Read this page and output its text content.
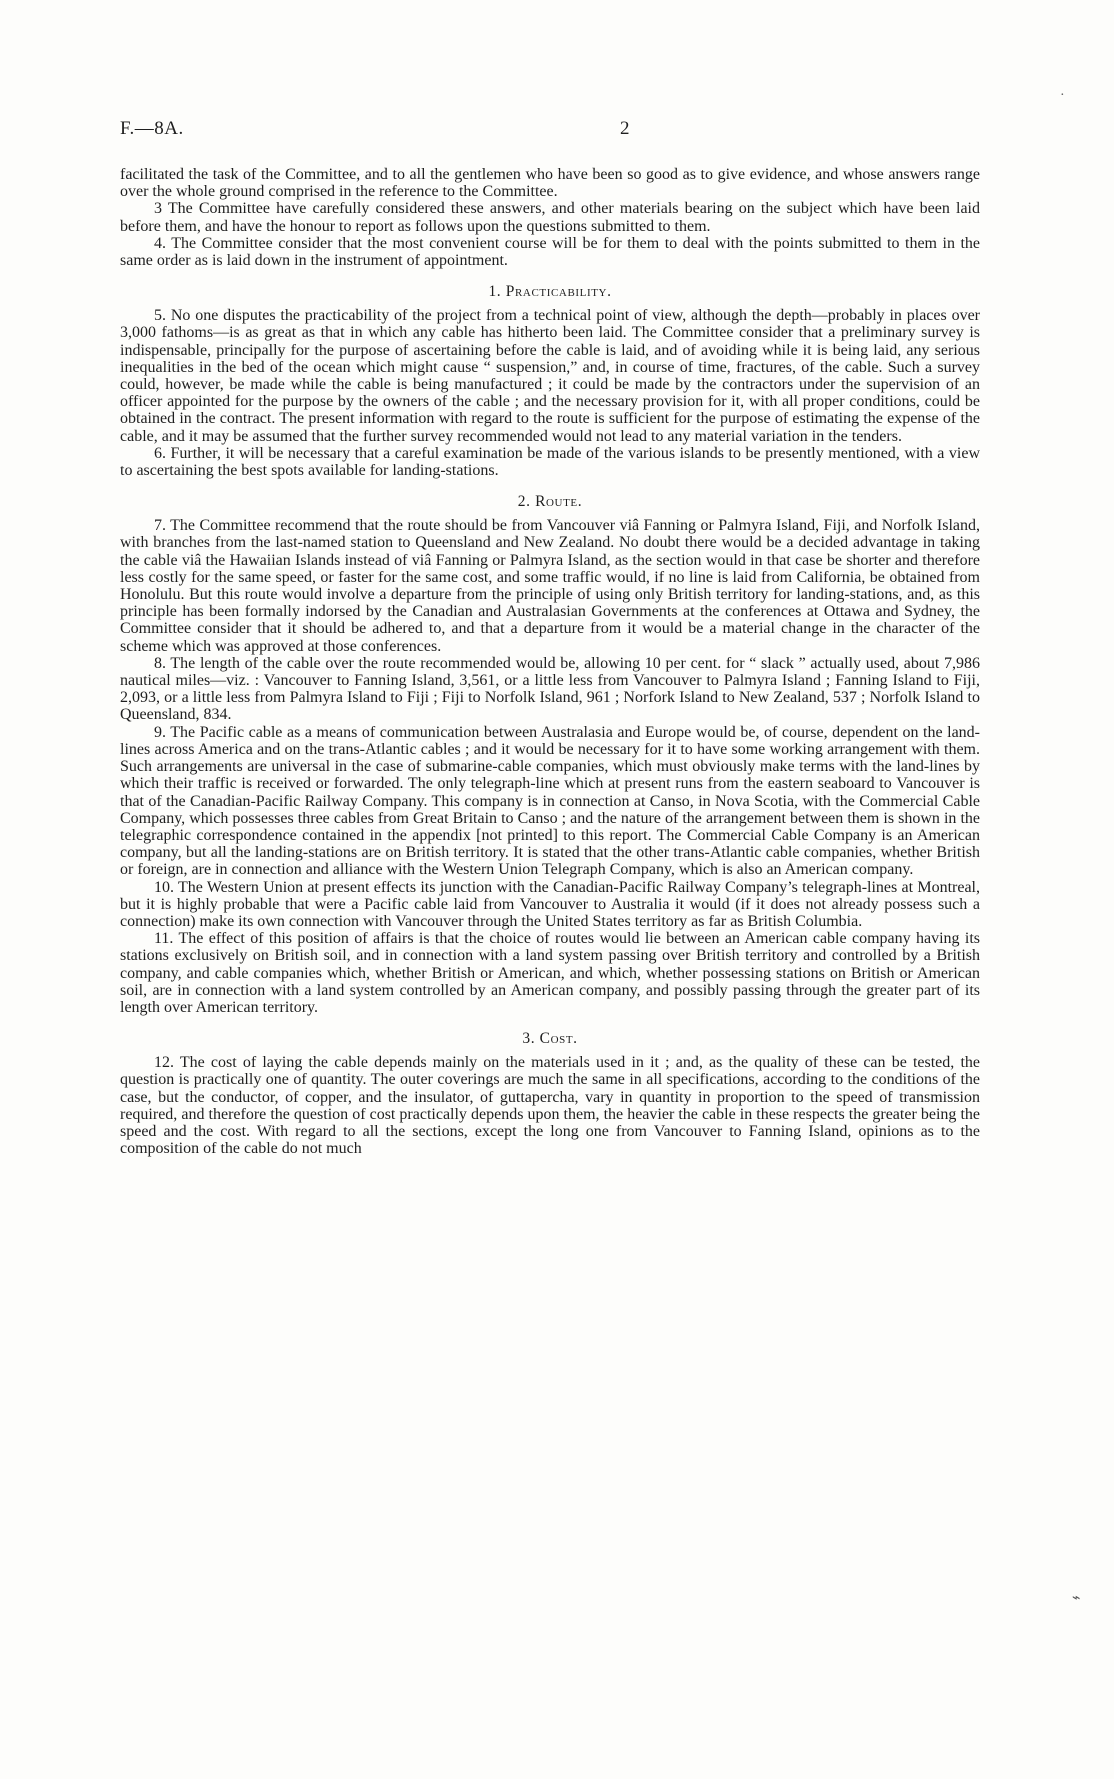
F.—8A.	2

facilitated the task of the Committee, and to all the gentlemen who have been so good as to give evidence, and whose answers range over the whole ground comprised in the reference to the Committee.

3 The Committee have carefully considered these answers, and other materials bearing on the subject which have been laid before them, and have the honour to report as follows upon the questions submitted to them.

4. The Committee consider that the most convenient course will be for them to deal with the points submitted to them in the same order as is laid down in the instrument of appointment.

1. Practicability.

5. No one disputes the practicability of the project from a technical point of view, although the depth—probably in places over 3,000 fathoms—is as great as that in which any cable has hitherto been laid. The Committee consider that a preliminary survey is indispensable, principally for the purpose of ascertaining before the cable is laid, and of avoiding while it is being laid, any serious inequalities in the bed of the ocean which might cause “ suspension,” and, in course of time, fractures, of the cable. Such a survey could, however, be made while the cable is being manufactured ; it could be made by the contractors under the supervision of an officer appointed for the purpose by the owners of the cable ; and the necessary provision for it, with all proper conditions, could be obtained in the contract. The present information with regard to the route is sufficient for the purpose of estimating the expense of the cable, and it may be assumed that the further survey recommended would not lead to any material variation in the tenders.

6. Further, it will be necessary that a careful examination be made of the various islands to be presently mentioned, with a view to ascertaining the best spots available for landing-stations.

2. Route.

7. The Committee recommend that the route should be from Vancouver viâ Fanning or Palmyra Island, Fiji, and Norfolk Island, with branches from the last-named station to Queensland and New Zealand. No doubt there would be a decided advantage in taking the cable viâ the Hawaiian Islands instead of viâ Fanning or Palmyra Island, as the section would in that case be shorter and therefore less costly for the same speed, or faster for the same cost, and some traffic would, if no line is laid from California, be obtained from Honolulu. But this route would involve a departure from the principle of using only British territory for landing-stations, and, as this principle has been formally indorsed by the Canadian and Australasian Governments at the conferences at Ottawa and Sydney, the Committee consider that it should be adhered to, and that a departure from it would be a material change in the character of the scheme which was approved at those conferences.

8. The length of the cable over the route recommended would be, allowing 10 per cent. for “ slack ” actually used, about 7,986 nautical miles—viz. : Vancouver to Fanning Island, 3,561, or a little less from Vancouver to Palmyra Island ; Fanning Island to Fiji, 2,093, or a little less from Palmyra Island to Fiji ; Fiji to Norfolk Island, 961 ; Norfork Island to New Zealand, 537 ; Norfolk Island to Queensland, 834.

9. The Pacific cable as a means of communication between Australasia and Europe would be, of course, dependent on the land-lines across America and on the trans-Atlantic cables ; and it would be necessary for it to have some working arrangement with them. Such arrangements are universal in the case of submarine-cable companies, which must obviously make terms with the land-lines by which their traffic is received or forwarded. The only telegraph-line which at present runs from the eastern seaboard to Vancouver is that of the Canadian-Pacific Railway Company. This company is in connection at Canso, in Nova Scotia, with the Commercial Cable Company, which possesses three cables from Great Britain to Canso ; and the nature of the arrangement between them is shown in the telegraphic correspondence contained in the appendix [not printed] to this report. The Commercial Cable Company is an American company, but all the landing-stations are on British territory. It is stated that the other trans-Atlantic cable companies, whether British or foreign, are in connection and alliance with the Western Union Telegraph Company, which is also an American company.

10. The Western Union at present effects its junction with the Canadian-Pacific Railway Company’s telegraph-lines at Montreal, but it is highly probable that were a Pacific cable laid from Vancouver to Australia it would (if it does not already possess such a connection) make its own connection with Vancouver through the United States territory as far as British Columbia.

11. The effect of this position of affairs is that the choice of routes would lie between an American cable company having its stations exclusively on British soil, and in connection with a land system passing over British territory and controlled by a British company, and cable companies which, whether British or American, and which, whether possessing stations on British or American soil, are in connection with a land system controlled by an American company, and possibly passing through the greater part of its length over American territory.

3. Cost.

12. The cost of laying the cable depends mainly on the materials used in it ; and, as the quality of these can be tested, the question is practically one of quantity. The outer coverings are much the same in all specifications, according to the conditions of the case, but the conductor, of copper, and the insulator, of guttapercha, vary in quantity in proportion to the speed of transmission required, and therefore the question of cost practically depends upon them, the heavier the cable in these respects the greater being the speed and the cost. With regard to all the sections, except the long one from Vancouver to Fanning Island, opinions as to the composition of the cable do not much

·
⌁
